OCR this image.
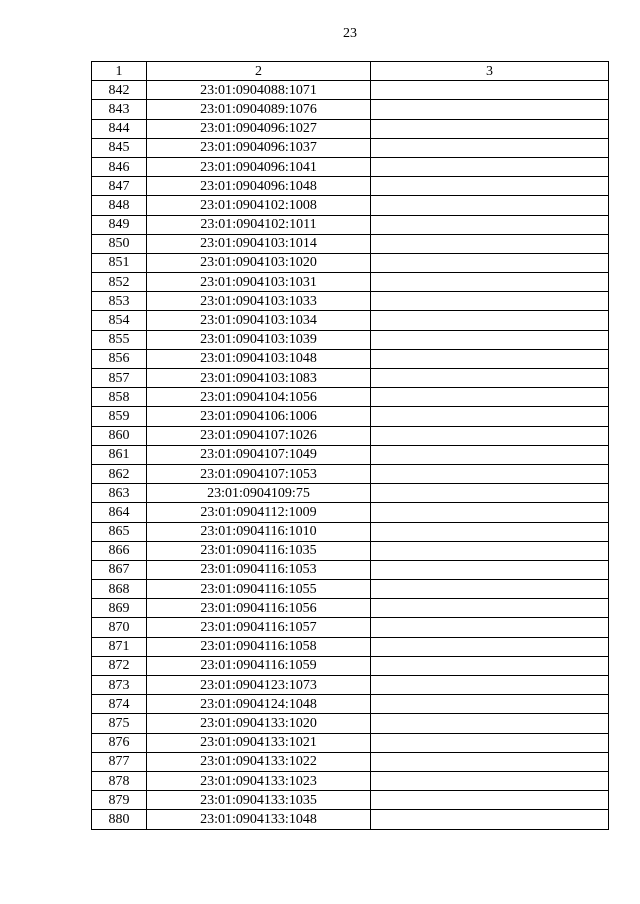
23
1	2	3
842	23:01:0904088:1071	
843	23:01:0904089:1076	
844	23:01:0904096:1027	
845	23:01:0904096:1037	
846	23:01:0904096:1041	
847	23:01:0904096:1048	
848	23:01:0904102:1008	
849	23:01:0904102:1011	
850	23:01:0904103:1014	
851	23:01:0904103:1020	
852	23:01:0904103:1031	
853	23:01:0904103:1033	
854	23:01:0904103:1034	
855	23:01:0904103:1039	
856	23:01:0904103:1048	
857	23:01:0904103:1083	
858	23:01:0904104:1056	
859	23:01:0904106:1006	
860	23:01:0904107:1026	
861	23:01:0904107:1049	
862	23:01:0904107:1053	
863	23:01:0904109:75	
864	23:01:0904112:1009	
865	23:01:0904116:1010	
866	23:01:0904116:1035	
867	23:01:0904116:1053	
868	23:01:0904116:1055	
869	23:01:0904116:1056	
870	23:01:0904116:1057	
871	23:01:0904116:1058	
872	23:01:0904116:1059	
873	23:01:0904123:1073	
874	23:01:0904124:1048	
875	23:01:0904133:1020	
876	23:01:0904133:1021	
877	23:01:0904133:1022	
878	23:01:0904133:1023	
879	23:01:0904133:1035	
880	23:01:0904133:1048	
